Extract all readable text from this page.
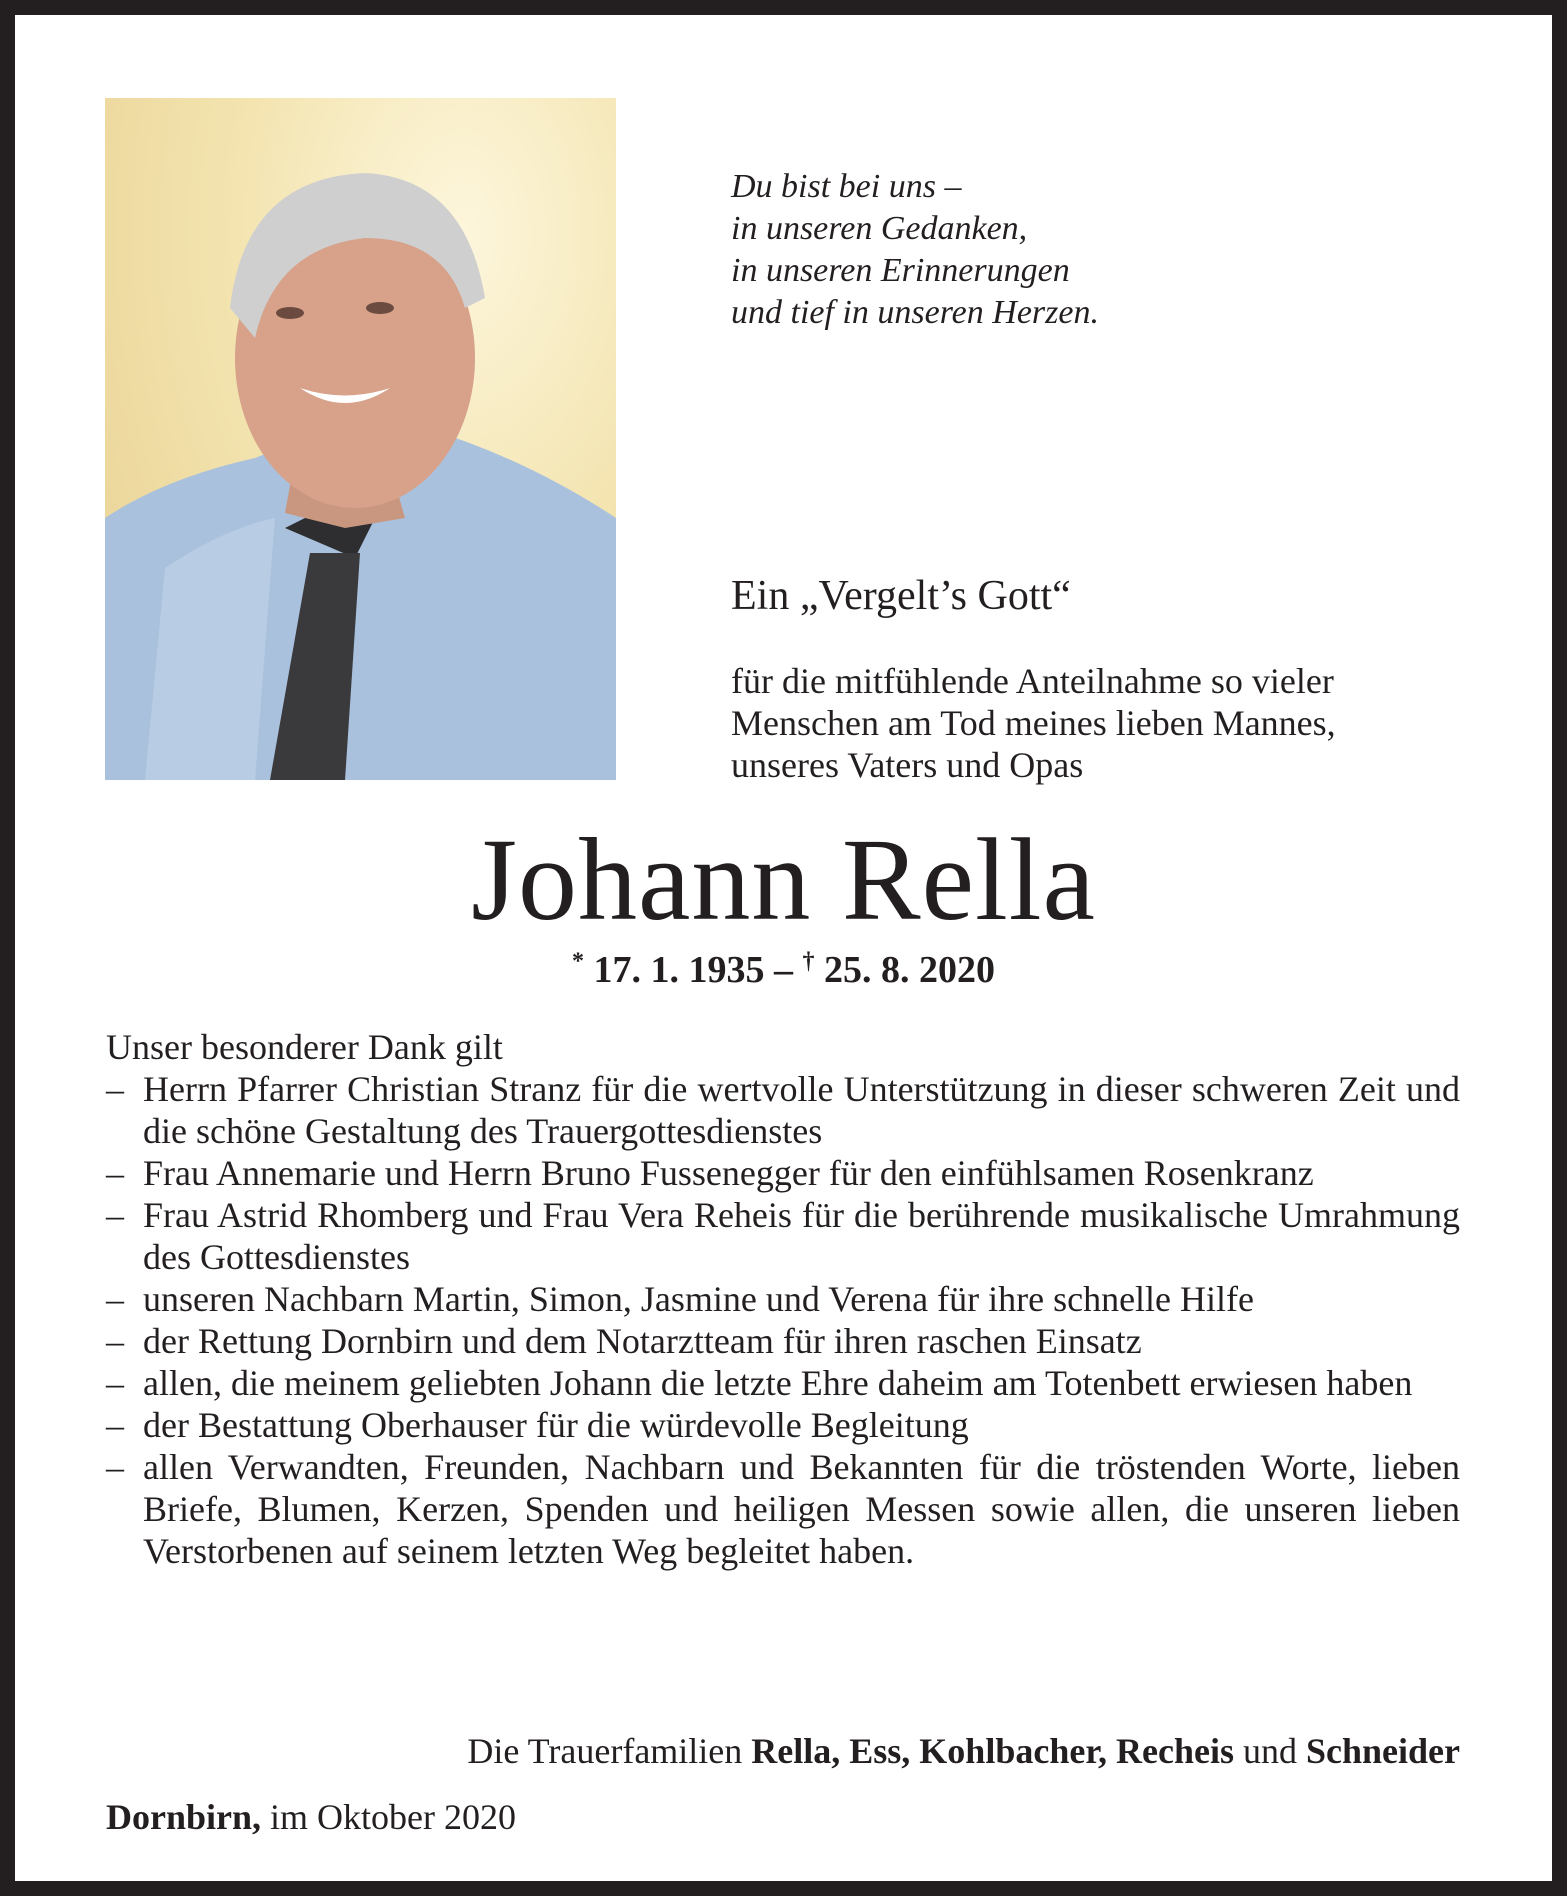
Du bist bei uns –
in unseren Gedanken,
in unseren Erinnerungen
und tief in unseren Herzen.
Ein „Vergelt’s Gott“
für die mitfühlende Anteilnahme so vieler
Menschen am Tod meines lieben Mannes,
unseres Vaters und Opas
Johann Rella
* 17. 1. 1935 – † 25. 8. 2020
Unser besonderer Dank gilt
– Herrn Pfarrer Christian Stranz für die wertvolle Unterstützung in dieser schweren Zeit und die schöne Gestaltung des Trauergottesdienstes
– Frau Annemarie und Herrn Bruno Fussenegger für den einfühlsamen Rosenkranz
– Frau Astrid Rhomberg und Frau Vera Reheis für die berührende musikalische Umrahmung des Gottesdienstes
– unseren Nachbarn Martin, Simon, Jasmine und Verena für ihre schnelle Hilfe
– der Rettung Dornbirn und dem Notarztteam für ihren raschen Einsatz
– allen, die meinem geliebten Johann die letzte Ehre daheim am Totenbett erwiesen haben
– der Bestattung Oberhauser für die würdevolle Begleitung
– allen Verwandten, Freunden, Nachbarn und Bekannten für die tröstenden Worte, lieben Briefe, Blumen, Kerzen, Spenden und heiligen Messen sowie allen, die unseren lieben Verstorbenen auf seinem letzten Weg begleitet haben.
Die Trauerfamilien Rella, Ess, Kohlbacher, Recheis und Schneider
Dornbirn, im Oktober 2020
